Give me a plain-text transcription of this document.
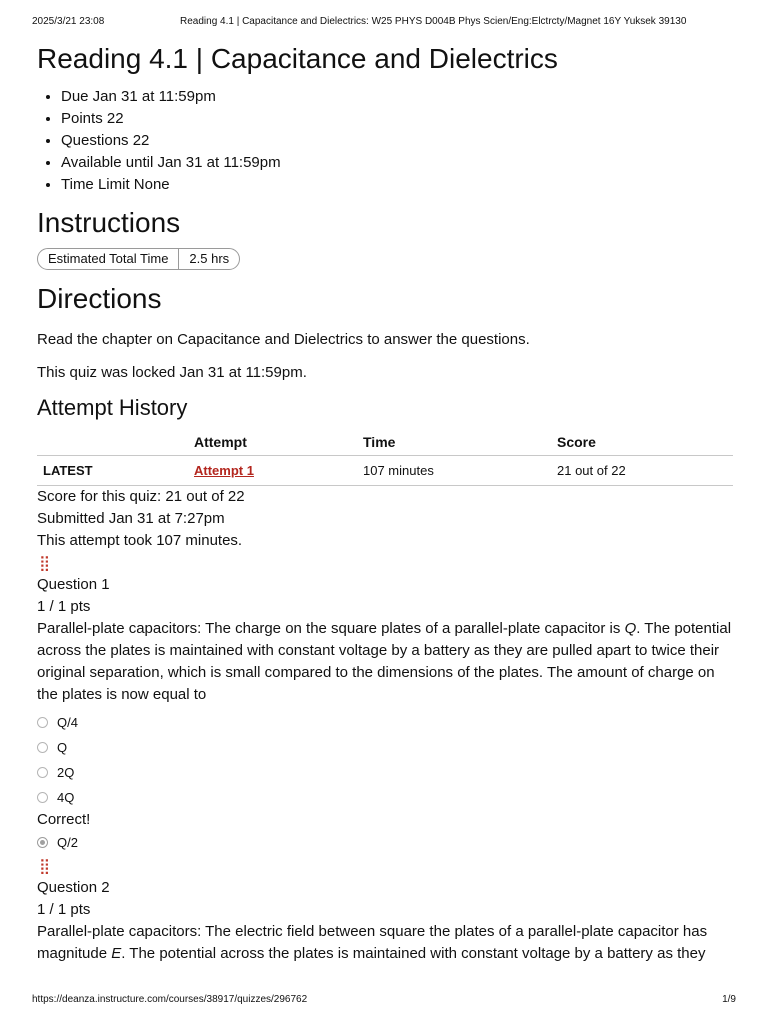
2025/3/21 23:08	Reading 4.1 | Capacitance and Dielectrics: W25 PHYS D004B Phys Scien/Eng:Elctrcty/Magnet 16Y Yuksek 39130
Reading 4.1 | Capacitance and Dielectrics
• Due Jan 31 at 11:59pm
• Points 22
• Questions 22
• Available until Jan 31 at 11:59pm
• Time Limit None
Instructions
Estimated Total Time	2.5 hrs
Directions

Read the chapter on Capacitance and Dielectrics to answer the questions.

This quiz was locked Jan 31 at 11:59pm.

Attempt History
	Attempt	Time	Score
LATEST	Attempt 1	107 minutes	21 out of 22
Score for this quiz: 21 out of 22
Submitted Jan 31 at 7:27pm
This attempt took 107 minutes.
⣿
Question 1
1 / 1 pts

Parallel-plate capacitors: The charge on the square plates of a parallel-plate capacitor is Q. The potential across the plates is maintained with constant voltage by a battery as they are pulled apart to twice their original separation, which is small compared to the dimensions of the plates. The amount of charge on the plates is now equal to

Q/4
Q
2Q
4Q
Correct!
Q/2
⣿
Question 2
1 / 1 pts

Parallel-plate capacitors: The electric field between square the plates of a parallel-plate capacitor has magnitude E. The potential across the plates is maintained with constant voltage by a battery as they

https://deanza.instructure.com/courses/38917/quizzes/296762	1/9
